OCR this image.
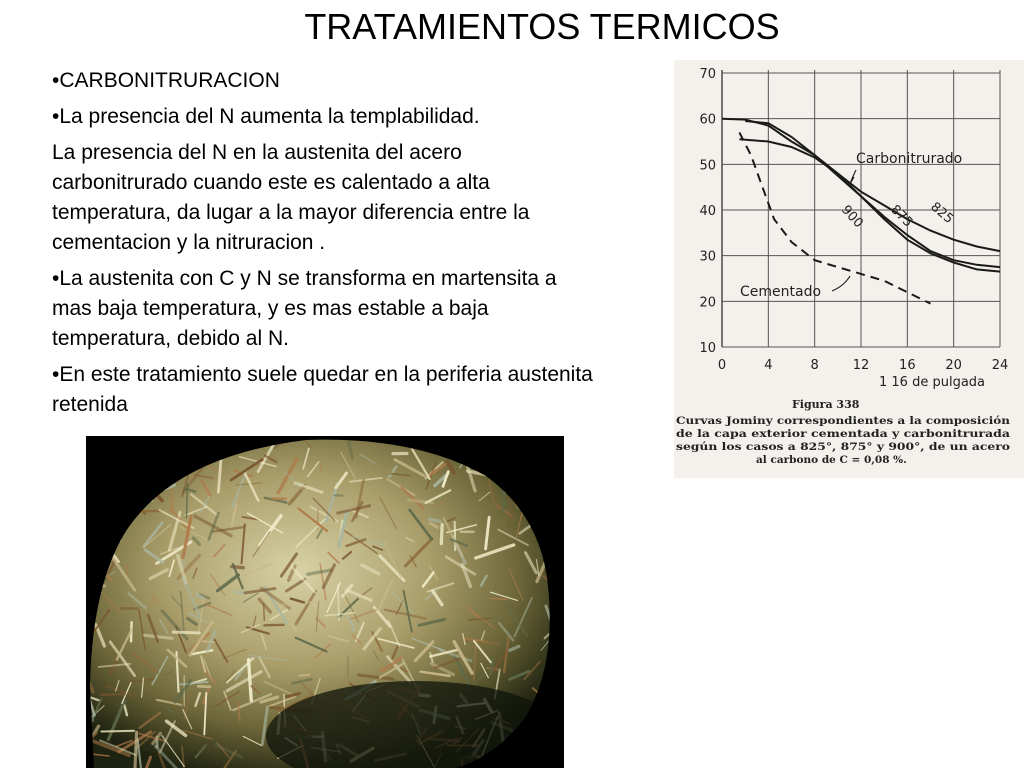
TRATAMIENTOS TERMICOS

•CARBONITRURACION

•La presencia del N aumenta la templabilidad.

La presencia del N en la austenita del acero carbonitrurado cuando este es calentado a alta temperatura, da lugar a la mayor diferencia entre la cementacion y la nitruracion .

•La austenita con C y N se transforma en martensita a mas baja temperatura, y es mas estable a baja temperatura, debido al N.

•En este tratamiento suele quedar en la periferia austenita retenida

0	4	8	12 16 20 24
10
20
30
40
50
60
70
Carbonitrurado
Cementado
900 875 825
1 16 de pulgada
Figura 338
Curvas Jominy correspondientes a la composición
de la capa exterior cementada y carbonitrurada
según los casos a 825°, 875° y 900°, de un acero
al carbono de C = 0,08 %.
